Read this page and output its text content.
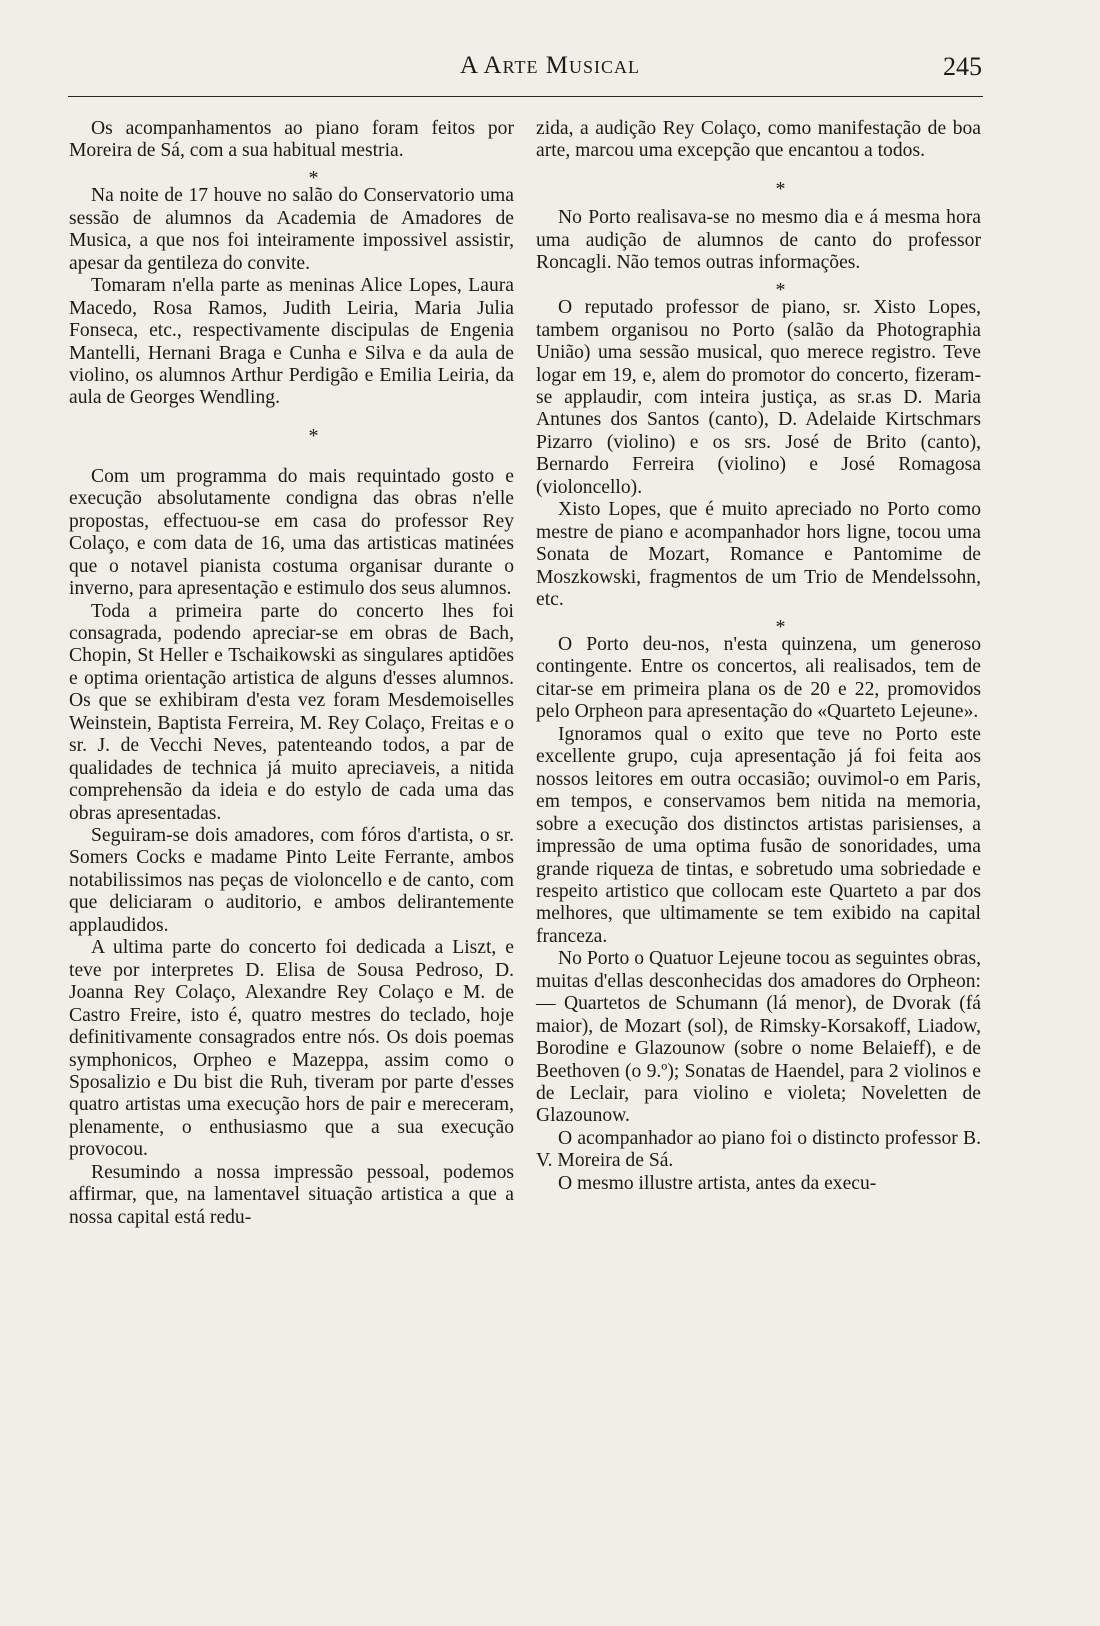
A Arte Musical	245

Os acompanhamentos ao piano foram feitos por Moreira de Sá, com a sua habitual mestria.

*

Na noite de 17 houve no salão do Conservatorio uma sessão de alumnos da Academia de Amadores de Musica, a que nos foi inteiramente impossivel assistir, apesar da gentileza do convite.

Tomaram n'ella parte as meninas Alice Lopes, Laura Macedo, Rosa Ramos, Judith Leiria, Maria Julia Fonseca, etc., respectivamente discipulas de Engenia Mantelli, Hernani Braga e Cunha e Silva e da aula de violino, os alumnos Arthur Perdigão e Emilia Leiria, da aula de Georges Wendling.

*

Com um programma do mais requintado gosto e execução absolutamente condigna das obras n'elle propostas, effectuou-se em casa do professor Rey Colaço, e com data de 16, uma das artisticas matinées que o notavel pianista costuma organisar durante o inverno, para apresentação e estimulo dos seus alumnos.

Toda a primeira parte do concerto lhes foi consagrada, podendo apreciar-se em obras de Bach, Chopin, St Heller e Tschaikowski as singulares aptidões e optima orientação artistica de alguns d'esses alumnos. Os que se exhibiram d'esta vez foram Mesdemoiselles Weinstein, Baptista Ferreira, M. Rey Colaço, Freitas e o sr. J. de Vecchi Neves, patenteando todos, a par de qualidades de technica já muito apreciaveis, a nitida comprehensão da ideia e do estylo de cada uma das obras apresentadas.

Seguiram-se dois amadores, com fóros d'artista, o sr. Somers Cocks e madame Pinto Leite Ferrante, ambos notabilissimos nas peças de violoncello e de canto, com que deliciaram o auditorio, e ambos delirantemente applaudidos.

A ultima parte do concerto foi dedicada a Liszt, e teve por interpretes D. Elisa de Sousa Pedroso, D. Joanna Rey Colaço, Alexandre Rey Colaço e M. de Castro Freire, isto é, quatro mestres do teclado, hoje definitivamente consagrados entre nós. Os dois poemas symphonicos, Orpheo e Mazeppa, assim como o Sposalizio e Du bist die Ruh, tiveram por parte d'esses quatro artistas uma execução hors de pair e mereceram, plenamente, o enthusiasmo que a sua execução provocou.

Resumindo a nossa impressão pessoal, podemos affirmar, que, na lamentavel situação artistica a que a nossa capital está redu-

zida, a audição Rey Colaço, como manifestação de boa arte, marcou uma excepção que encantou a todos.

*

No Porto realisava-se no mesmo dia e á mesma hora uma audição de alumnos de canto do professor Roncagli. Não temos outras informações.

*

O reputado professor de piano, sr. Xisto Lopes, tambem organisou no Porto (salão da Photographia União) uma sessão musical, quo merece registro. Teve logar em 19, e, alem do promotor do concerto, fizeram-se applaudir, com inteira justiça, as sr.as D. Maria Antunes dos Santos (canto), D. Adelaide Kirtschmars Pizarro (violino) e os srs. José de Brito (canto), Bernardo Ferreira (violino) e José Romagosa (violoncello).

Xisto Lopes, que é muito apreciado no Porto como mestre de piano e acompanhador hors ligne, tocou uma Sonata de Mozart, Romance e Pantomime de Moszkowski, fragmentos de um Trio de Mendelssohn, etc.

*

O Porto deu-nos, n'esta quinzena, um generoso contingente. Entre os concertos, ali realisados, tem de citar-se em primeira plana os de 20 e 22, promovidos pelo Orpheon para apresentação do «Quarteto Lejeune».

Ignoramos qual o exito que teve no Porto este excellente grupo, cuja apresentação já foi feita aos nossos leitores em outra occasião; ouvimol-o em Paris, em tempos, e conservamos bem nitida na memoria, sobre a execução dos distinctos artistas parisienses, a impressão de uma optima fusão de sonoridades, uma grande riqueza de tintas, e sobretudo uma sobriedade e respeito artistico que collocam este Quarteto a par dos melhores, que ultimamente se tem exibido na capital franceza.

No Porto o Quatuor Lejeune tocou as seguintes obras, muitas d'ellas desconhecidas dos amadores do Orpheon: — Quartetos de Schumann (lá menor), de Dvorak (fá maior), de Mozart (sol), de Rimsky-Korsakoff, Liadow, Borodine e Glazounow (sobre o nome Belaieff), e de Beethoven (o 9.º); Sonatas de Haendel, para 2 violinos e de Leclair, para violino e violeta; Noveletten de Glazounow.

O acompanhador ao piano foi o distincto professor B. V. Moreira de Sá.

O mesmo illustre artista, antes da execu-
